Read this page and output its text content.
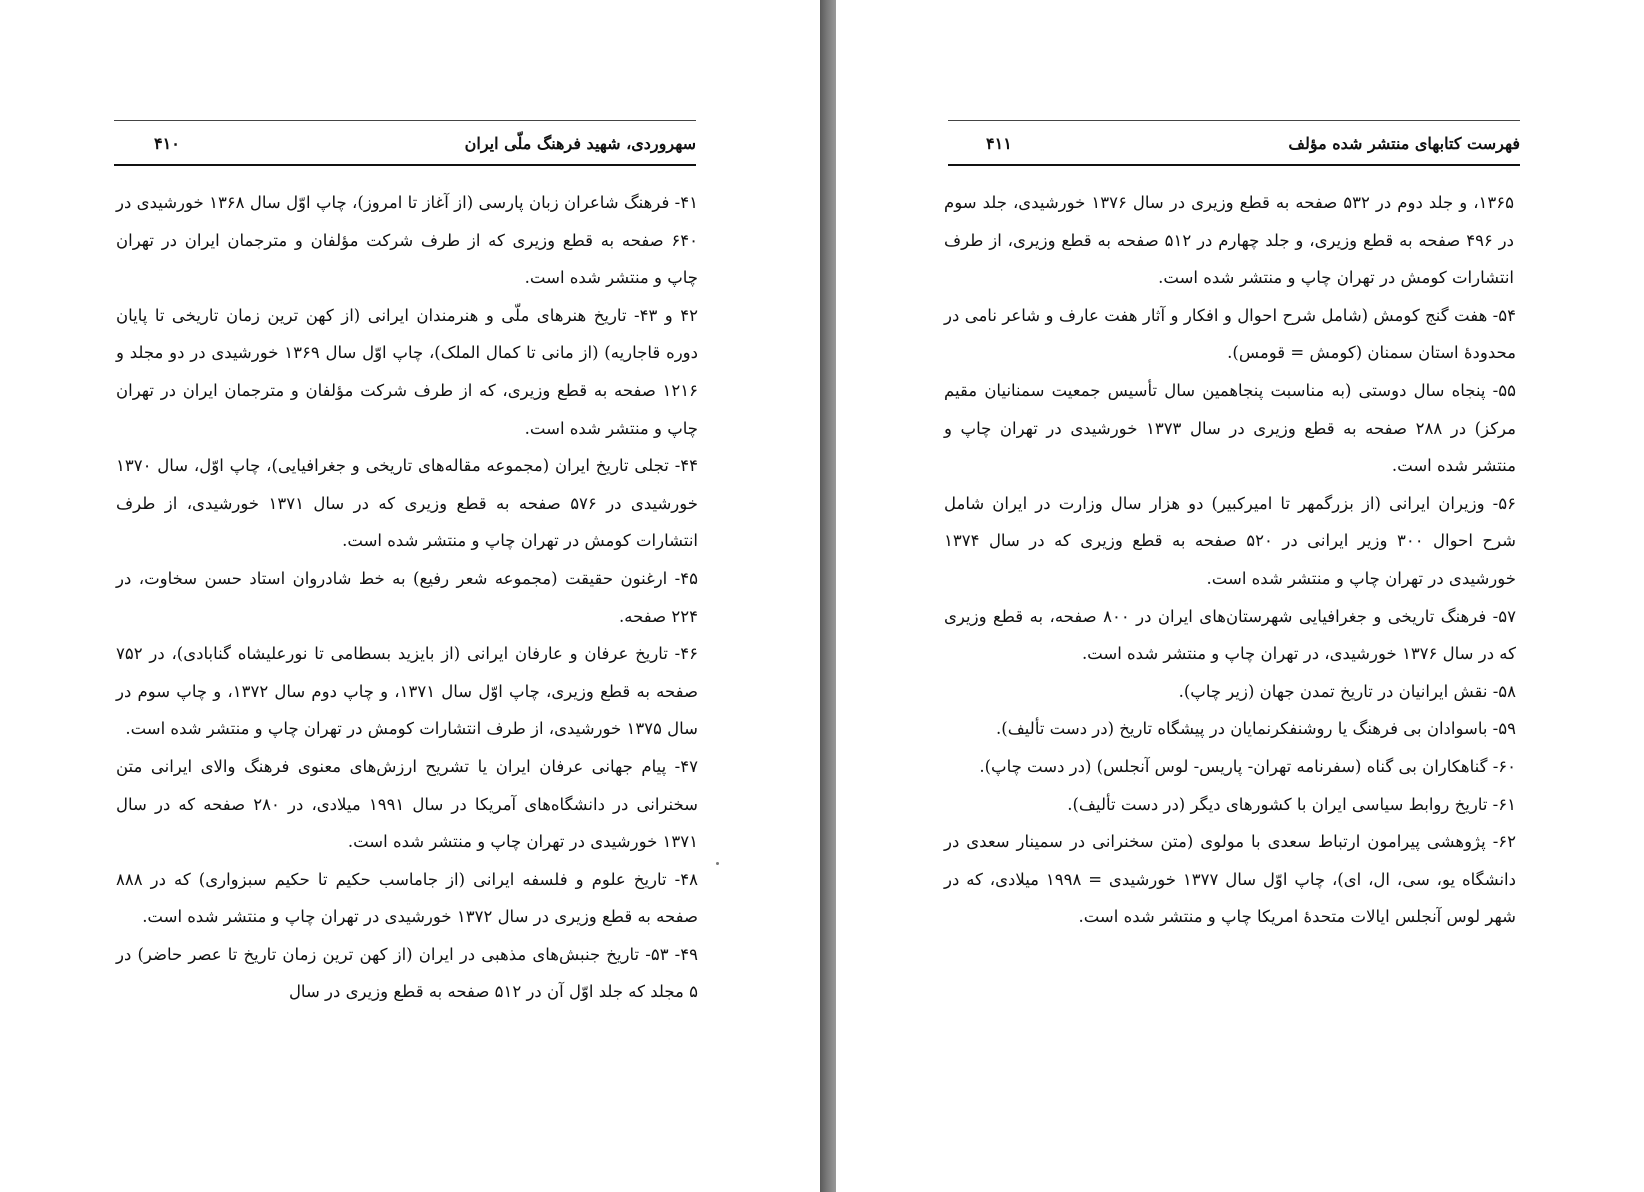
سهروردی، شهید فرهنگ ملّی ایران
۴۱۰

۴۱- فرهنگ شاعران زبان پارسی (از آغاز تا امروز)، چاپ اوّل سال ۱۳۶۸ خورشیدی در ۶۴۰ صفحه به قطع وزیری که از طرف شرکت مؤلفان و مترجمان ایران در تهران چاپ و منتشر شده است.

۴۲ و ۴۳- تاریخ هنرهای ملّی و هنرمندان ایرانی (از کهن ترین زمان تاریخی تا پایان دوره قاجاریه) (از مانی تا کمال الملک)، چاپ اوّل سال ۱۳۶۹ خورشیدی در دو مجلد و ۱۲۱۶ صفحه به قطع وزیری، که از طرف شرکت مؤلفان و مترجمان ایران در تهران چاپ و منتشر شده است.

۴۴- تجلی تاریخ ایران (مجموعه مقاله‌های تاریخی و جغرافیایی)، چاپ اوّل، سال ۱۳۷۰ خورشیدی در ۵۷۶ صفحه به قطع وزیری که در سال ۱۳۷۱ خورشیدی، از طرف انتشارات کومش در تهران چاپ و منتشر شده است.

۴۵- ارغنون حقیقت (مجموعه شعر رفیع) به خط شادروان استاد حسن سخاوت، در ۲۲۴ صفحه.

۴۶- تاریخ عرفان و عارفان ایرانی (از بایزید بسطامی تا نورعلیشاه گنابادی)، در ۷۵۲ صفحه به قطع وزیری، چاپ اوّل سال ۱۳۷۱، و چاپ دوم سال ۱۳۷۲، و چاپ سوم در سال ۱۳۷۵ خورشیدی، از طرف انتشارات کومش در تهران چاپ و منتشر شده است.

۴۷- پیام جهانی عرفان ایران یا تشریح ارزش‌های معنوی فرهنگ والای ایرانی متن سخنرانی در دانشگاه‌های آمریکا در سال ۱۹۹۱ میلادی، در ۲۸۰ صفحه که در سال ۱۳۷۱ خورشیدی در تهران چاپ و منتشر شده است.

۴۸- تاریخ علوم و فلسفه ایرانی (از جاماسب حکیم تا حکیم سبزواری) که در ۸۸۸ صفحه به قطع وزیری در سال ۱۳۷۲ خورشیدی در تهران چاپ و منتشر شده است.

۴۹- ۵۳- تاریخ جنبش‌های مذهبی در ایران (از کهن ترین زمان تاریخ تا عصر حاضر) در ۵ مجلد که جلد اوّل آن در ۵۱۲ صفحه به قطع وزیری در سال

فهرست کتابهای منتشر شده مؤلف
۴۱۱

۱۳۶۵، و جلد دوم در ۵۳۲ صفحه به قطع وزیری در سال ۱۳۷۶ خورشیدی، جلد سوم در ۴۹۶ صفحه به قطع وزیری، و جلد چهارم در ۵۱۲ صفحه به قطع وزیری، از طرف انتشارات کومش در تهران چاپ و منتشر شده است.

۵۴- هفت گنج کومش (شامل شرح احوال و افکار و آثار هفت عارف و شاعر نامی در محدودهٔ استان سمنان (کومش = قومس).

۵۵- پنجاه سال دوستی (به مناسبت پنجاهمین سال تأسیس جمعیت سمنانیان مقیم مرکز) در ۲۸۸ صفحه به قطع وزیری در سال ۱۳۷۳ خورشیدی در تهران چاپ و منتشر شده است.

۵۶- وزیران ایرانی (از بزرگمهر تا امیرکبیر) دو هزار سال وزارت در ایران شامل شرح احوال ۳۰۰ وزیر ایرانی در ۵۲۰ صفحه به قطع وزیری که در سال ۱۳۷۴ خورشیدی در تهران چاپ و منتشر شده است.

۵۷- فرهنگ تاریخی و جغرافیایی شهرستان‌های ایران در ۸۰۰ صفحه، به قطع وزیری که در سال ۱۳۷۶ خورشیدی، در تهران چاپ و منتشر شده است.

۵۸- نقش ایرانیان در تاریخ تمدن جهان (زیر چاپ).

۵۹- باسوادان بی فرهنگ یا روشنفکرنمایان در پیشگاه تاریخ (در دست تألیف).

۶۰- گناهکاران بی گناه (سفرنامه تهران- پاریس- لوس آنجلس) (در دست چاپ).

۶۱- تاریخ روابط سیاسی ایران با کشورهای دیگر (در دست تألیف).

۶۲- پژوهشی پیرامون ارتباط سعدی با مولوی (متن سخنرانی در سمینار سعدی در دانشگاه یو، سی، ال، ای)، چاپ اوّل سال ۱۳۷۷ خورشیدی = ۱۹۹۸ میلادی، که در شهر لوس آنجلس ایالات متحدهٔ امریکا چاپ و منتشر شده است.
